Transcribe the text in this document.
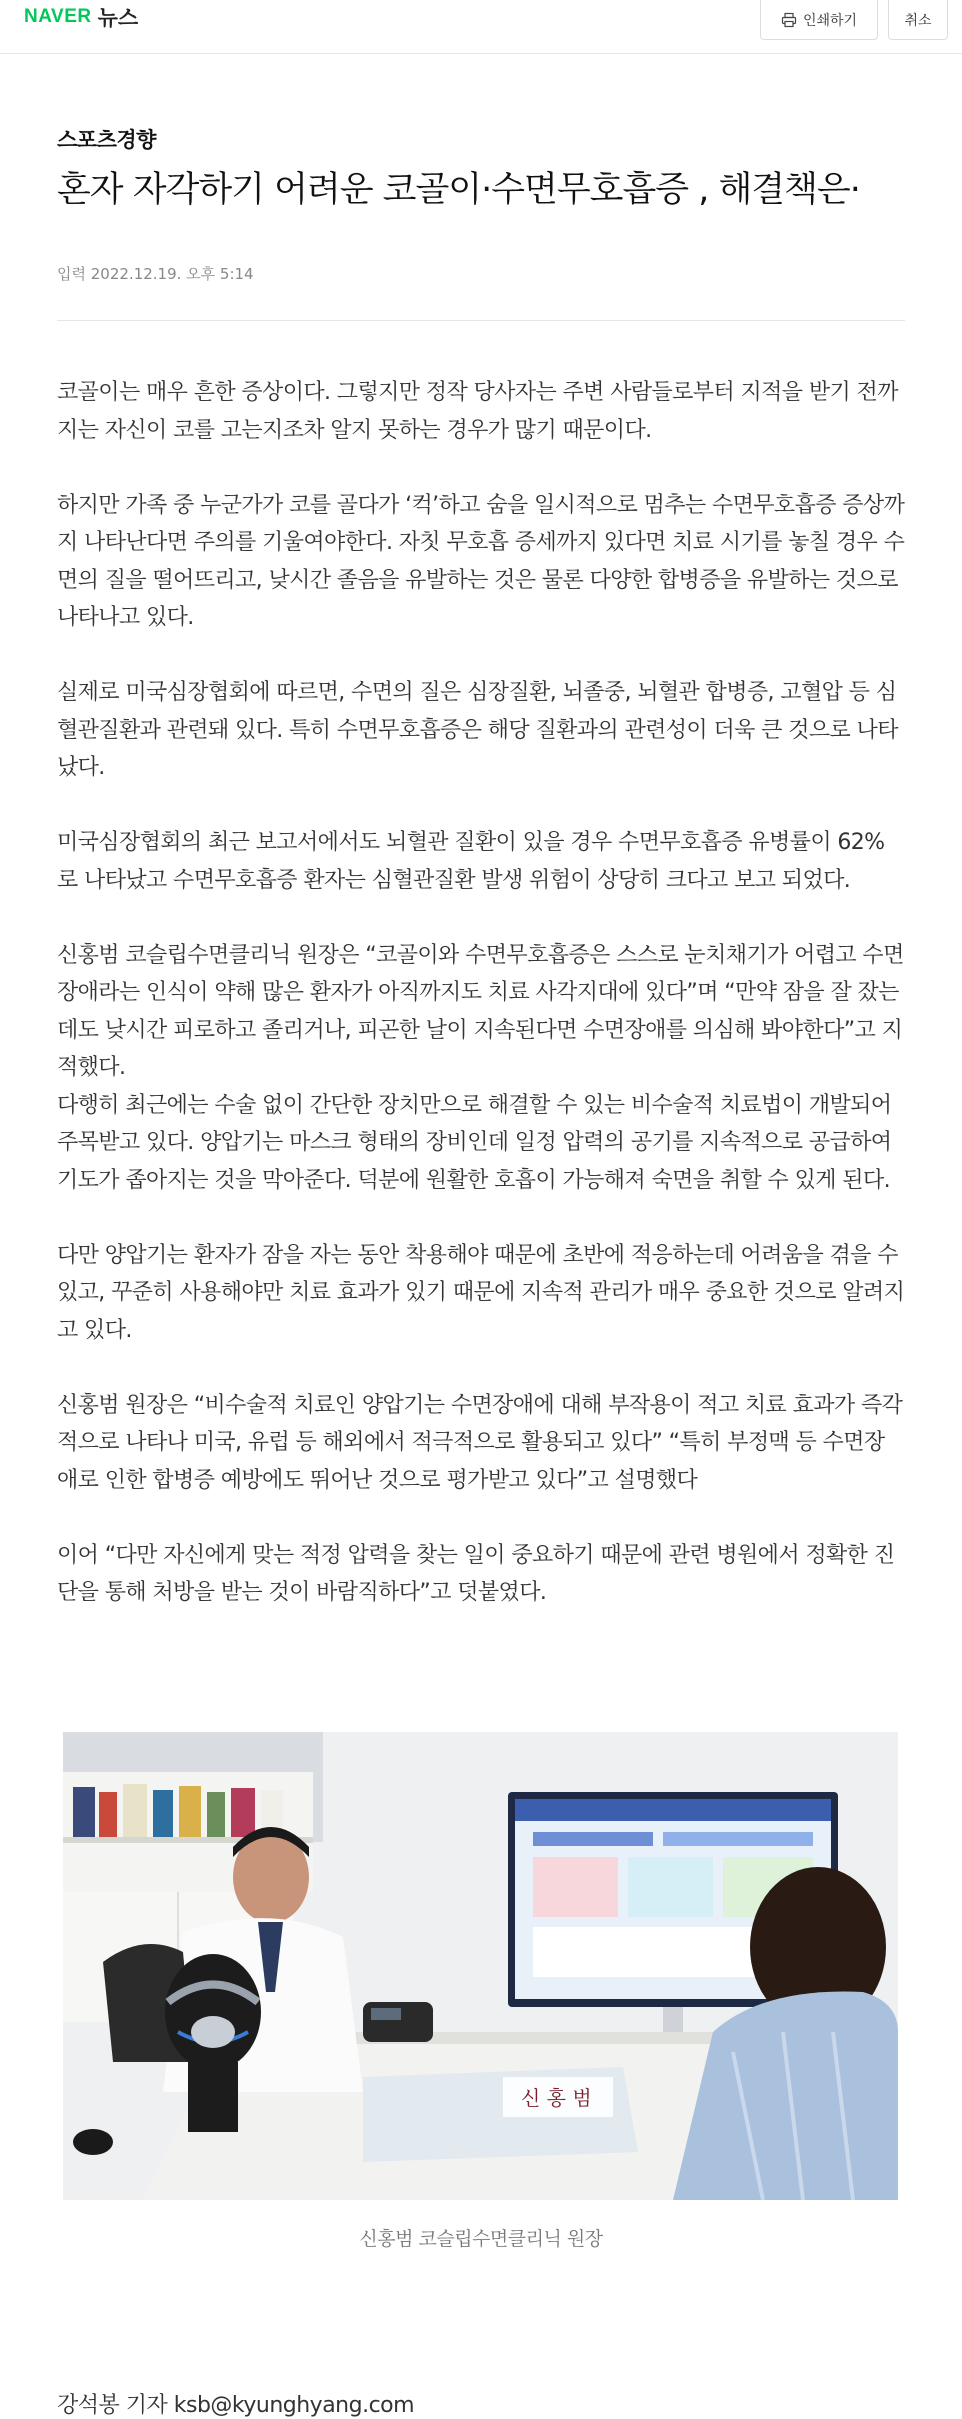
NAVER 뉴스	인쇄하기	취소
스포츠경향
혼자 자각하기 어려운 코골이·수면무호흡증 , 해결책은·
입력 2022.12.19. 오후 5:14

코골이는 매우 흔한 증상이다. 그렇지만 정작 당사자는 주변 사람들로부터 지적을 받기 전까지는 자신이 코를 고는지조차 알지 못하는 경우가 많기 때문이다.

하지만 가족 중 누군가가 코를 골다가 ‘컥’하고 숨을 일시적으로 멈추는 수면무호흡증 증상까지 나타난다면 주의를 기울여야한다. 자칫 무호흡 증세까지 있다면 치료 시기를 놓칠 경우 수면의 질을 떨어뜨리고, 낮시간 졸음을 유발하는 것은 물론 다양한 합병증을 유발하는 것으로 나타나고 있다.

실제로 미국심장협회에 따르면, 수면의 질은 심장질환, 뇌졸중, 뇌혈관 합병증, 고혈압 등 심혈관질환과 관련돼 있다. 특히 수면무호흡증은 해당 질환과의 관련성이 더욱 큰 것으로 나타났다.

미국심장협회의 최근 보고서에서도 뇌혈관 질환이 있을 경우 수면무호흡증 유병률이 62%로 나타났고 수면무호흡증 환자는 심혈관질환 발생 위험이 상당히 크다고 보고 되었다.

신홍범 코슬립수면클리닉 원장은 “코골이와 수면무호흡증은 스스로 눈치채기가 어렵고 수면장애라는 인식이 약해 많은 환자가 아직까지도 치료 사각지대에 있다”며 “만약 잠을 잘 잤는데도 낮시간 피로하고 졸리거나, 피곤한 날이 지속된다면 수면장애를 의심해 봐야한다”고 지적했다.

다행히 최근에는 수술 없이 간단한 장치만으로 해결할 수 있는 비수술적 치료법이 개발되어 주목받고 있다. 양압기는 마스크 형태의 장비인데 일정 압력의 공기를 지속적으로 공급하여 기도가 좁아지는 것을 막아준다. 덕분에 원활한 호흡이 가능해져 숙면을 취할 수 있게 된다.

다만 양압기는 환자가 잠을 자는 동안 착용해야 때문에 초반에 적응하는데 어려움을 겪을 수 있고, 꾸준히 사용해야만 치료 효과가 있기 때문에 지속적 관리가 매우 중요한 것으로 알려지고 있다.

신홍범 원장은 “비수술적 치료인 양압기는 수면장애에 대해 부작용이 적고 치료 효과가 즉각적으로 나타나 미국, 유럽 등 해외에서 적극적으로 활용되고 있다” “특히 부정맥 등 수면장애로 인한 합병증 예방에도 뛰어난 것으로 평가받고 있다”고 설명했다

이어 “다만 자신에게 맞는 적정 압력을 찾는 일이 중요하기 때문에 관련 병원에서 정확한 진단을 통해 처방을 받는 것이 바람직하다”고 덧붙였다.

신 홍 범
신홍범 코슬립수면클리닉 원장
강석봉 기자 ksb@kyunghyang.com
